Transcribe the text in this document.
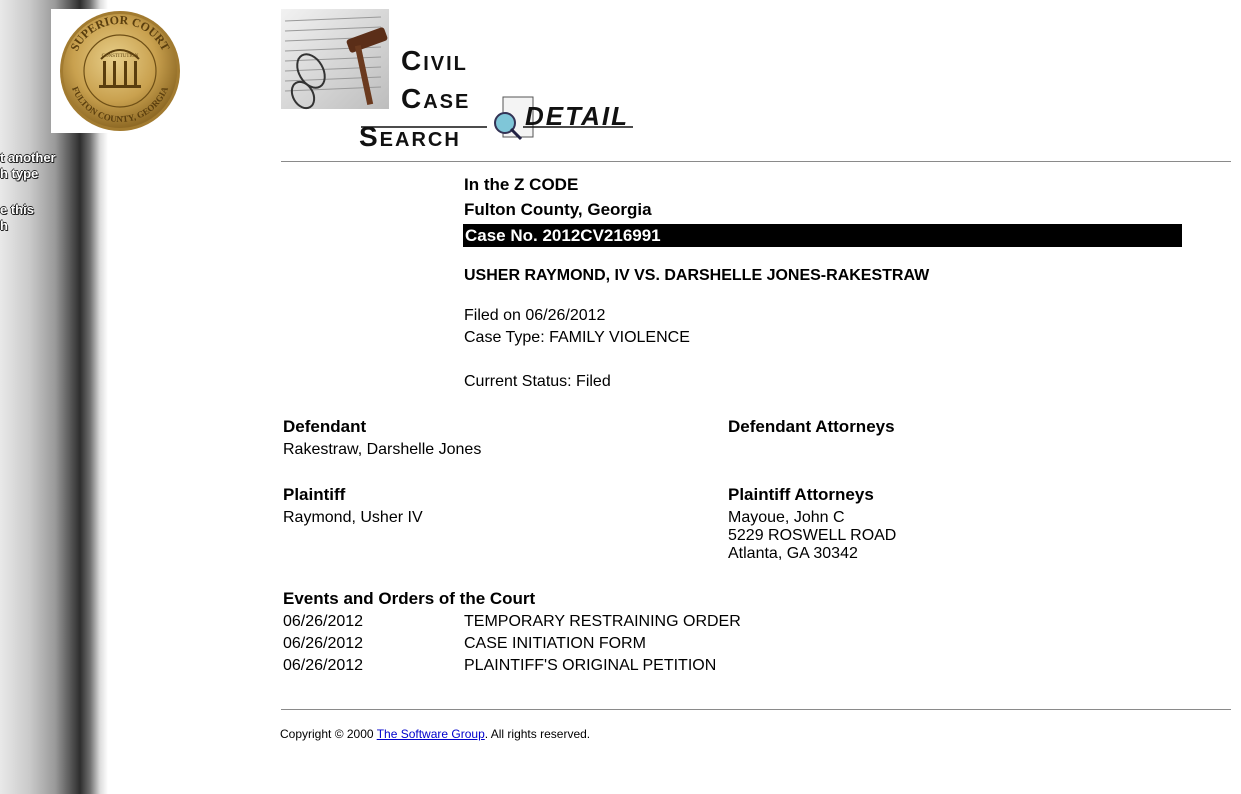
t another
h type
e this
h
SUPERIOR COURT
FULTON COUNTY, GEORGIA
CONSTITUTION	Civil
Case
Search
DETAIL
In the Z CODE
Fulton County, Georgia
Case No. 2012CV216991
USHER RAYMOND, IV VS. DARSHELLE JONES-RAKESTRAW
Filed on 06/26/2012
Case Type: FAMILY VIOLENCE
Current Status: Filed
Defendant
Rakestraw, Darshelle Jones
Defendant Attorneys
Plaintiff
Raymond, Usher IV
Plaintiff Attorneys
Mayoue, John C
5229 ROSWELL ROAD
Atlanta, GA 30342
Events and Orders of the Court
06/26/2012	TEMPORARY RESTRAINING ORDER
06/26/2012	CASE INITIATION FORM
06/26/2012	PLAINTIFF'S ORIGINAL PETITION
Copyright © 2000 The Software Group. All rights reserved.
